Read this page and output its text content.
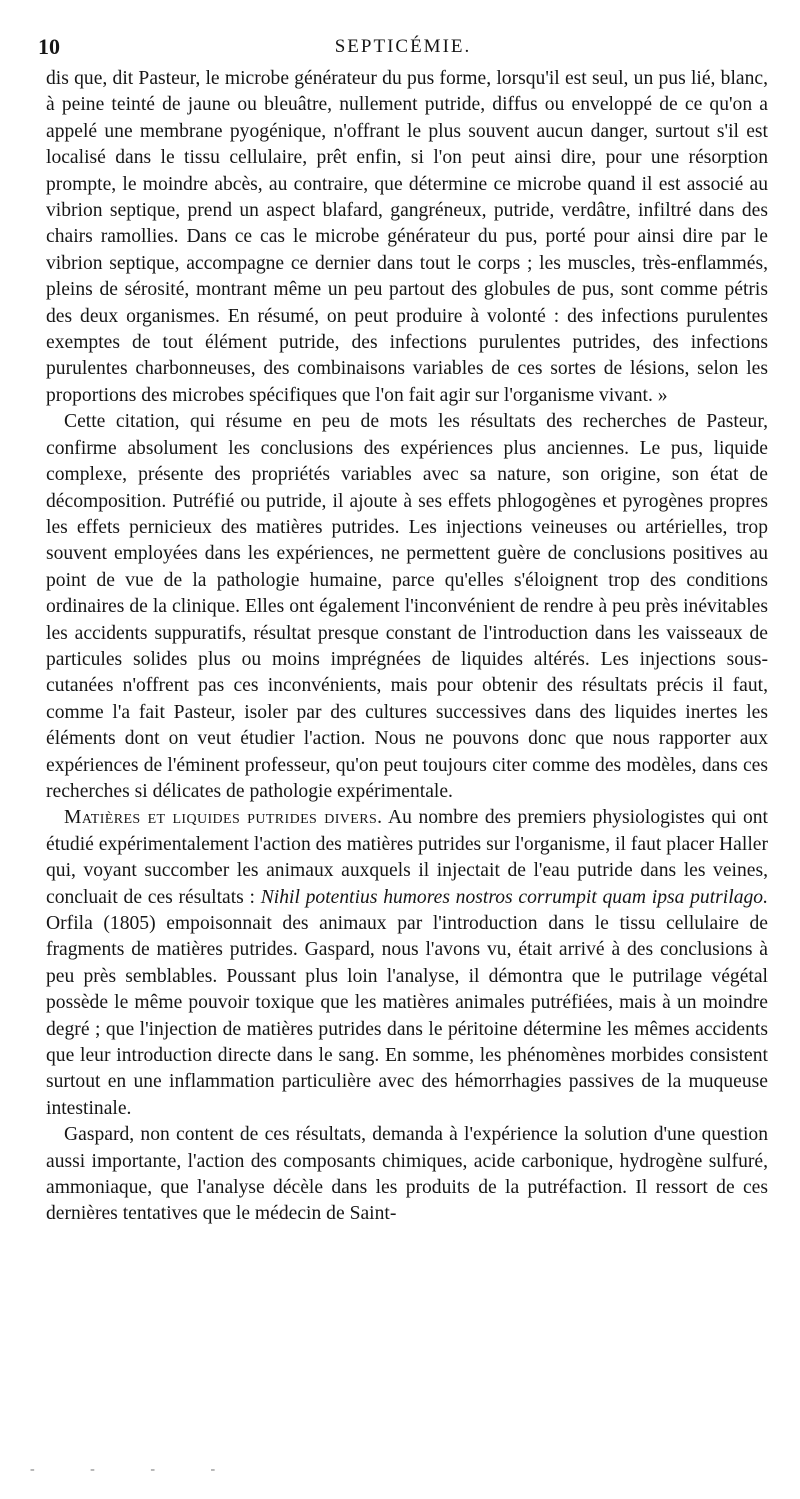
10	SEPTICÉMIE.

dis que, dit Pasteur, le microbe générateur du pus forme, lorsqu'il est seul, un pus lié, blanc, à peine teinté de jaune ou bleuâtre, nullement putride, diffus ou enveloppé de ce qu'on a appelé une membrane pyogénique, n'offrant le plus souvent aucun danger, surtout s'il est localisé dans le tissu cellulaire, prêt enfin, si l'on peut ainsi dire, pour une résorption prompte, le moindre abcès, au contraire, que détermine ce microbe quand il est associé au vibrion septique, prend un aspect blafard, gangréneux, putride, verdâtre, infiltré dans des chairs ramollies. Dans ce cas le microbe générateur du pus, porté pour ainsi dire par le vibrion septique, accompagne ce dernier dans tout le corps ; les muscles, très-enflammés, pleins de sérosité, montrant même un peu partout des globules de pus, sont comme pétris des deux organismes. En résumé, on peut produire à volonté : des infections purulentes exemptes de tout élément putride, des infections purulentes putrides, des infections purulentes charbonneuses, des combinaisons variables de ces sortes de lésions, selon les proportions des microbes spécifiques que l'on fait agir sur l'organisme vivant. »

Cette citation, qui résume en peu de mots les résultats des recherches de Pasteur, confirme absolument les conclusions des expériences plus anciennes. Le pus, liquide complexe, présente des propriétés variables avec sa nature, son origine, son état de décomposition. Putréfié ou putride, il ajoute à ses effets phlogogènes et pyrogènes propres les effets pernicieux des matières putrides. Les injections veineuses ou artérielles, trop souvent employées dans les expériences, ne permettent guère de conclusions positives au point de vue de la pathologie humaine, parce qu'elles s'éloignent trop des conditions ordinaires de la clinique. Elles ont également l'inconvénient de rendre à peu près inévitables les accidents suppuratifs, résultat presque constant de l'introduction dans les vaisseaux de particules solides plus ou moins imprégnées de liquides altérés. Les injections sous-cutanées n'offrent pas ces inconvénients, mais pour obtenir des résultats précis il faut, comme l'a fait Pasteur, isoler par des cultures successives dans des liquides inertes les éléments dont on veut étudier l'action. Nous ne pouvons donc que nous rapporter aux expériences de l'éminent professeur, qu'on peut toujours citer comme des modèles, dans ces recherches si délicates de pathologie expérimentale.

Matières et liquides putrides divers. Au nombre des premiers physiologistes qui ont étudié expérimentalement l'action des matières putrides sur l'organisme, il faut placer Haller qui, voyant succomber les animaux auxquels il injectait de l'eau putride dans les veines, concluait de ces résultats : Nihil potentius humores nostros corrumpit quam ipsa putrilago. Orfila (1805) empoisonnait des animaux par l'introduction dans le tissu cellulaire de fragments de matières putrides. Gaspard, nous l'avons vu, était arrivé à des conclusions à peu près semblables. Poussant plus loin l'analyse, il démontra que le putrilage végétal possède le même pouvoir toxique que les matières animales putréfiées, mais à un moindre degré ; que l'injection de matières putrides dans le péritoine détermine les mêmes accidents que leur introduction directe dans le sang. En somme, les phénomènes morbides consistent surtout en une inflammation particulière avec des hémorrhagies passives de la muqueuse intestinale.

Gaspard, non content de ces résultats, demanda à l'expérience la solution d'une question aussi importante, l'action des composants chimiques, acide carbonique, hydrogène sulfuré, ammoniaque, que l'analyse décèle dans les produits de la putréfaction. Il ressort de ces dernières tentatives que le médecin de Saint-

- - - -
